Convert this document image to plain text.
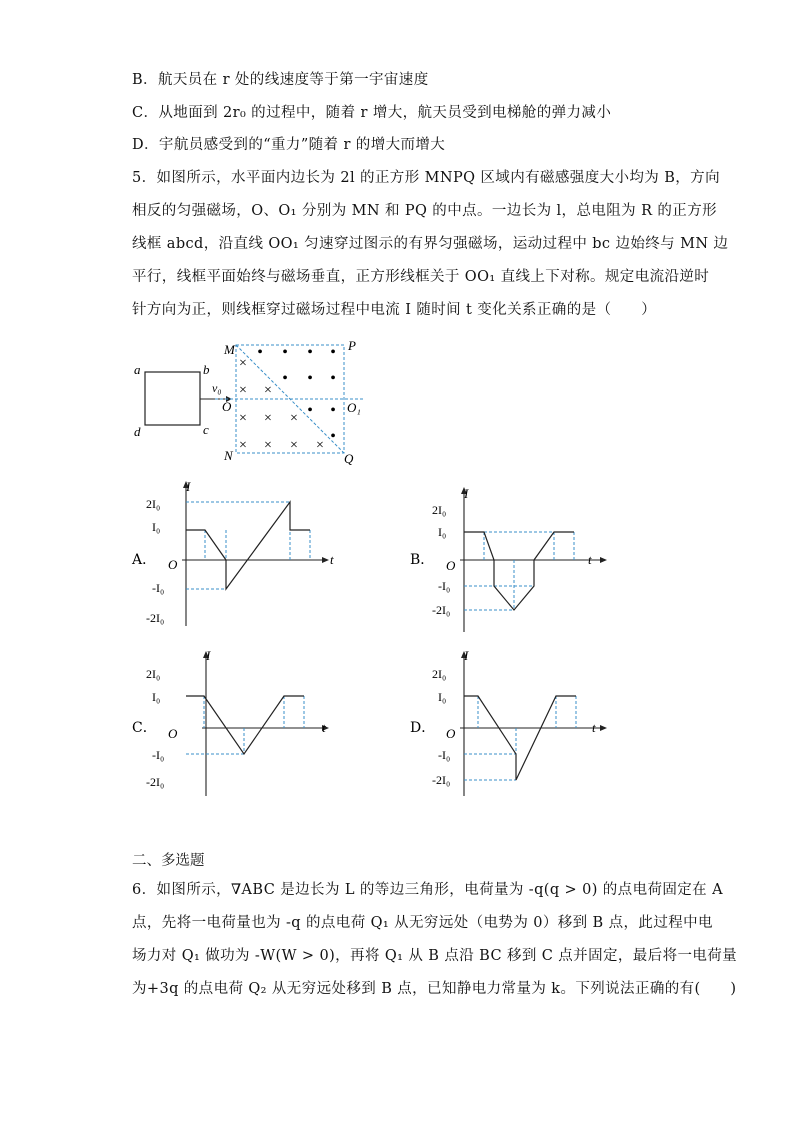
B．航天员在 r 处的线速度等于第一宇宙速度
C．从地面到 2r₀ 的过程中，随着 r 增大，航天员受到电梯舱的弹力减小
D．宇航员感受到的“重力”随着 r 的增大而增大
5．如图所示，水平面内边长为 2l 的正方形 MNPQ 区域内有磁感强度大小均为 B，方向
相反的匀强磁场，O、O₁ 分别为 MN 和 PQ 的中点。一边长为 l，总电阻为 R 的正方形
线框 abcd，沿直线 OO₁ 匀速穿过图示的有界匀强磁场，运动过程中 bc 边始终与 MN 边
平行，线框平面始终与磁场垂直，正方形线框关于 OO₁ 直线上下对称。规定电流沿逆时
针方向为正，则线框穿过磁场过程中电流 I 随时间 t 变化关系正确的是（　　）
a	b
c
d
v₀
M	P
N	Q
O	O₁
• • • •
• • •
• •
•
×
× ×
× × ×
× × × ×
A．
I
t
O
2I₀
I₀
-I₀
-2I₀
B．
I
t
O
2I₀
I₀
-I₀
-2I₀
C．
I
t
O
2I₀
I₀
-I₀
-2I₀
D．
I
t
O
2I₀
I₀
-I₀
-2I₀
二、多选题
6．如图所示，∇ABC 是边长为 L 的等边三角形，电荷量为 -q(q > 0) 的点电荷固定在 A
点，先将一电荷量也为 -q 的点电荷 Q₁ 从无穷远处（电势为 0）移到 B 点，此过程中电
场力对 Q₁ 做功为 -W(W > 0)，再将 Q₁ 从 B 点沿 BC 移到 C 点并固定，最后将一电荷量
为+3q 的点电荷 Q₂ 从无穷远处移到 B 点，已知静电力常量为 k。下列说法正确的有(　　)
